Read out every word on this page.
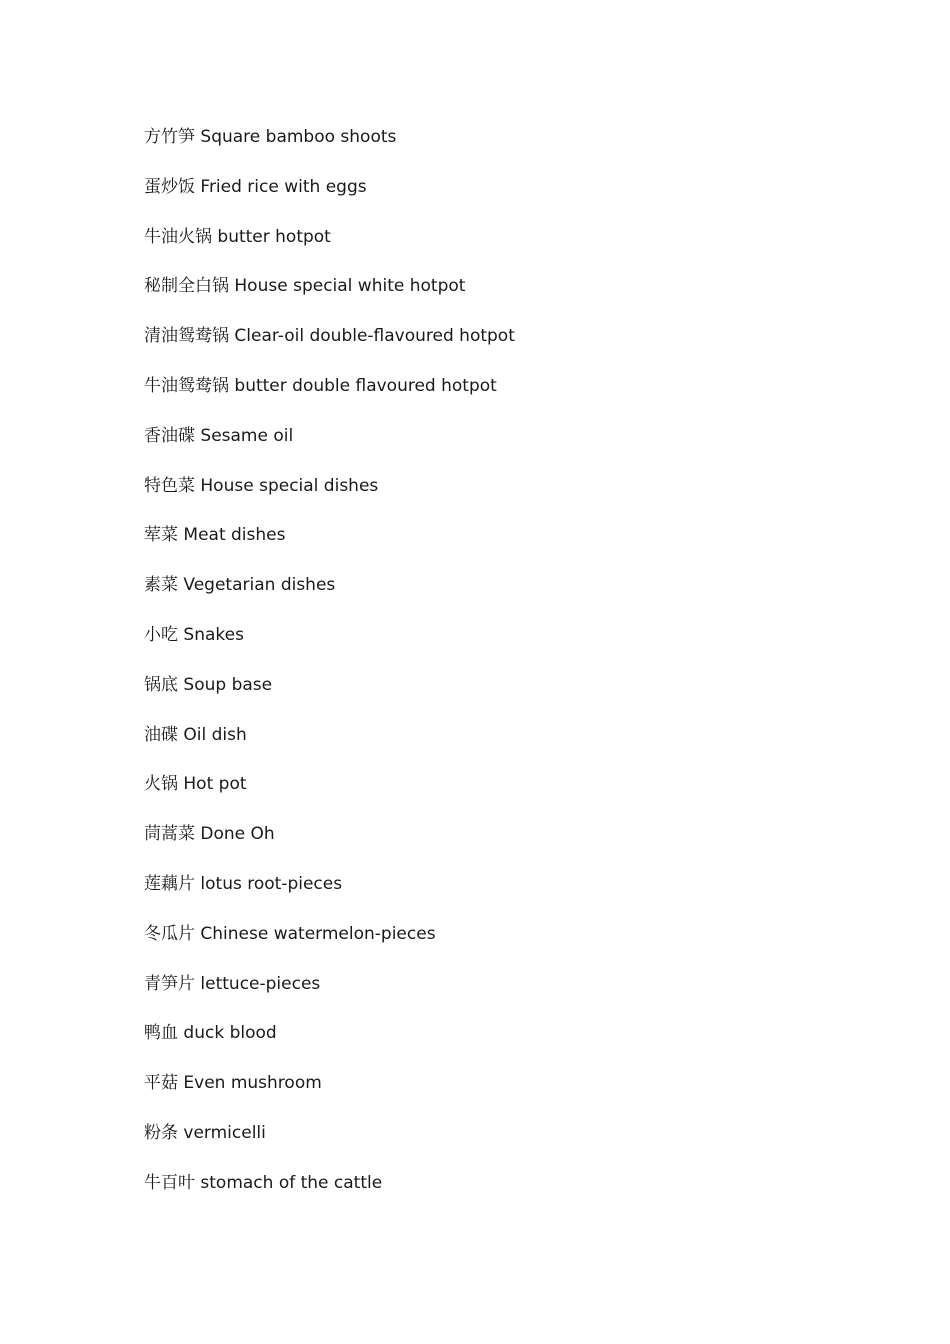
方竹笋 Square bamboo shoots
蛋炒饭 Fried rice with eggs
牛油火锅 butter hotpot
秘制全白锅 House special white hotpot
清油鸳鸯锅 Clear-oil double-flavoured hotpot
牛油鸳鸯锅 butter double flavoured hotpot
香油碟 Sesame oil
特色菜 House special dishes
荤菜 Meat dishes
素菜 Vegetarian dishes
小吃 Snakes
锅底 Soup base
油碟 Oil dish
火锅 Hot pot
茼蒿菜 Done Oh
莲藕片 lotus root-pieces
冬瓜片 Chinese watermelon-pieces
青笋片 lettuce-pieces
鸭血 duck blood
平菇 Even mushroom
粉条 vermicelli
牛百叶 stomach of the cattle
